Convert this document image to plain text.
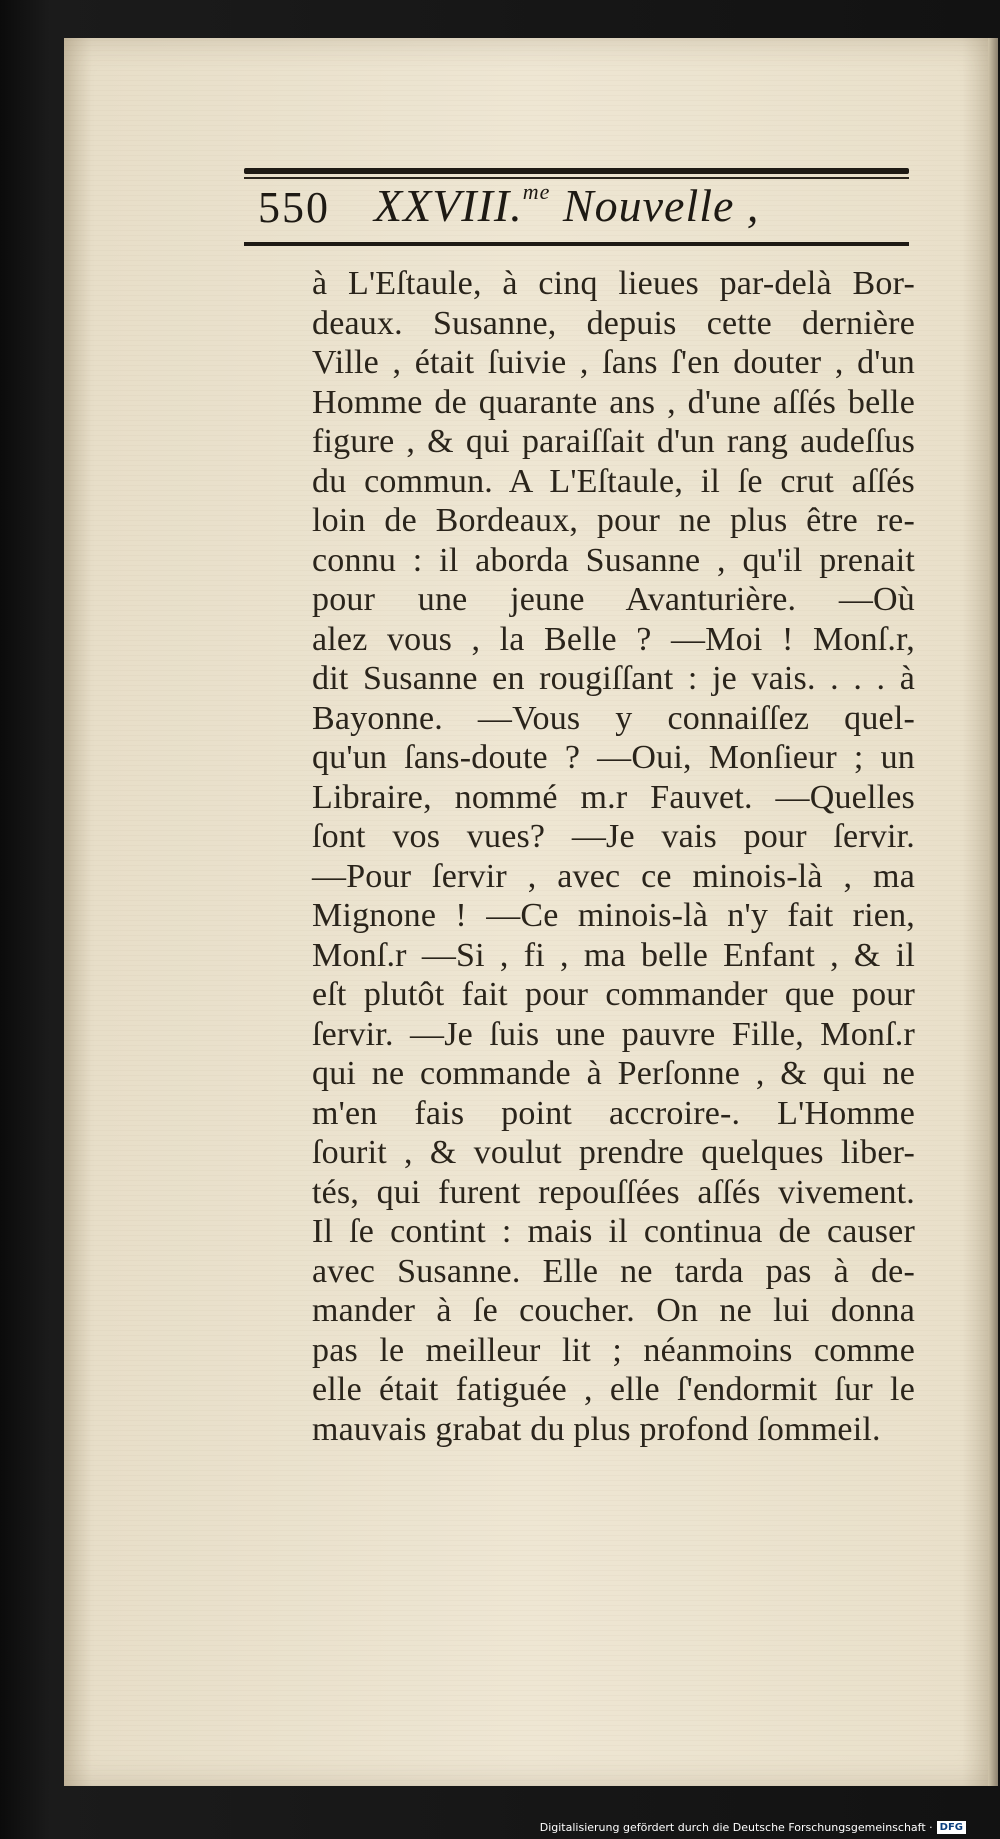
550 XXVIII.$^{me}$ Nouvelle ,
à L'Eſtaule, à cinq lieues par-delà Bor-
deaux. Susanne, depuis cette dernière
Ville , était ſuivie , ſans ſ'en douter , d'un
Homme de quarante ans , d'une aſſés belle
figure , & qui paraiſſait d'un rang audeſſus
du commun. A L'Eſtaule, il ſe crut aſſés
loin de Bordeaux, pour ne plus être re-
connu : il aborda Susanne , qu'il prenait
pour une jeune Avanturière. —Où
alez vous , la Belle ? —Moi ! Monſ.r,
dit Susanne en rougiſſant : je vais. . . . à
Bayonne. —Vous y connaiſſez quel-
qu'un ſans-doute ? —Oui, Monſieur ; un
Libraire, nommé m.r Fauvet. —Quelles
ſont vos vues? —Je vais pour ſervir.
—Pour ſervir , avec ce minois-là , ma
Mignone ! —Ce minois-là n'y fait rien,
Monſ.r —Si , fi , ma belle Enfant , & il
eſt plutôt fait pour commander que pour
ſervir. —Je ſuis une pauvre Fille, Monſ.r
qui ne commande à Perſonne , & qui ne
m'en fais point accroire-. L'Homme
ſourit , & voulut prendre quelques liber-
tés, qui furent repouſſées aſſés vivement.
Il ſe contint : mais il continua de causer
avec Susanne. Elle ne tarda pas à de-
mander à ſe coucher. On ne lui donna
pas le meilleur lit ; néanmoins comme
elle était fatiguée , elle ſ'endormit ſur le
mauvais grabat du plus profond ſommeil.
Digitalisierung gefördert durch die Deutsche Forschungsgemeinschaft · DFG
